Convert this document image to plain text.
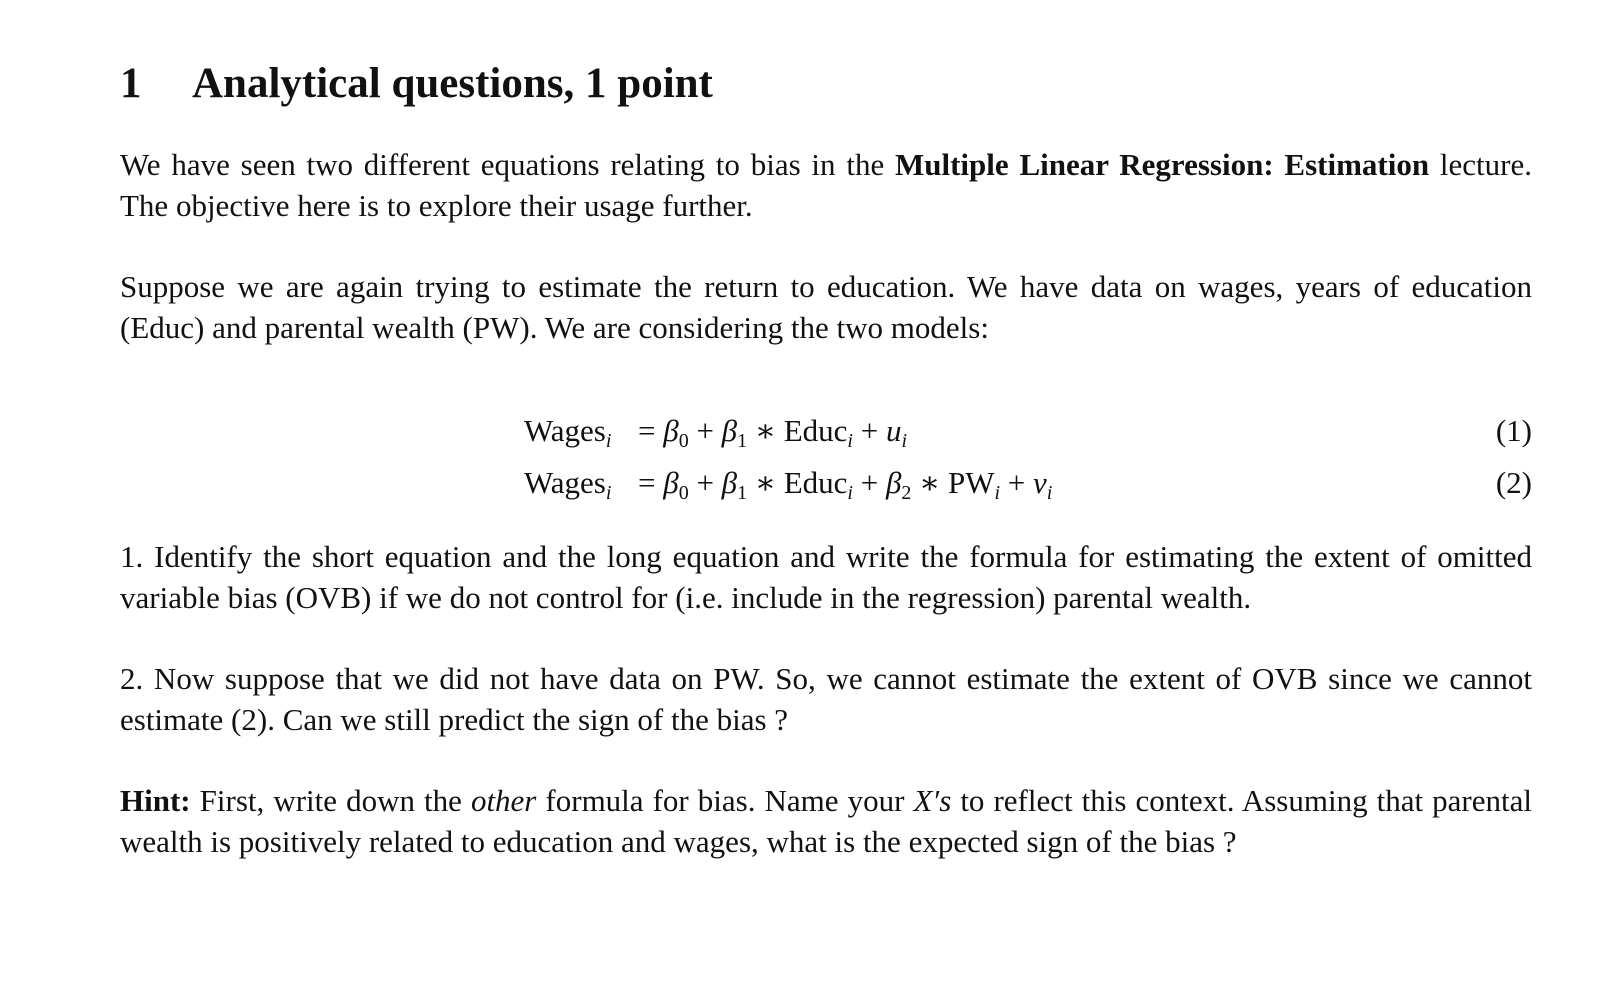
1 Analytical questions, 1 point

We have seen two different equations relating to bias in the Multiple Linear Regression: Estimation lecture. The objective here is to explore their usage further.

Suppose we are again trying to estimate the return to education. We have data on wages, years of education (Educ) and parental wealth (PW). We are considering the two models:

Wages$_i$ = $\beta_0 + \beta_1$ ∗ Educ$_i$ + $u_i$	(1)
Wages$_i$ = $\beta_0 + \beta_1$ ∗ Educ$_i$ + $\beta_2$ ∗ $PW_i + v_i$	(2)

1. Identify the short equation and the long equation and write the formula for estimating the extent of omitted variable bias (OVB) if we do not control for (i.e. include in the regression) parental wealth.

2. Now suppose that we did not have data on PW. So, we cannot estimate the extent of OVB since we cannot estimate (2). Can we still predict the sign of the bias ?

Hint: First, write down the other formula for bias. Name your X′s to reflect this context. Assuming that parental wealth is positively related to education and wages, what is the expected sign of the bias ?
